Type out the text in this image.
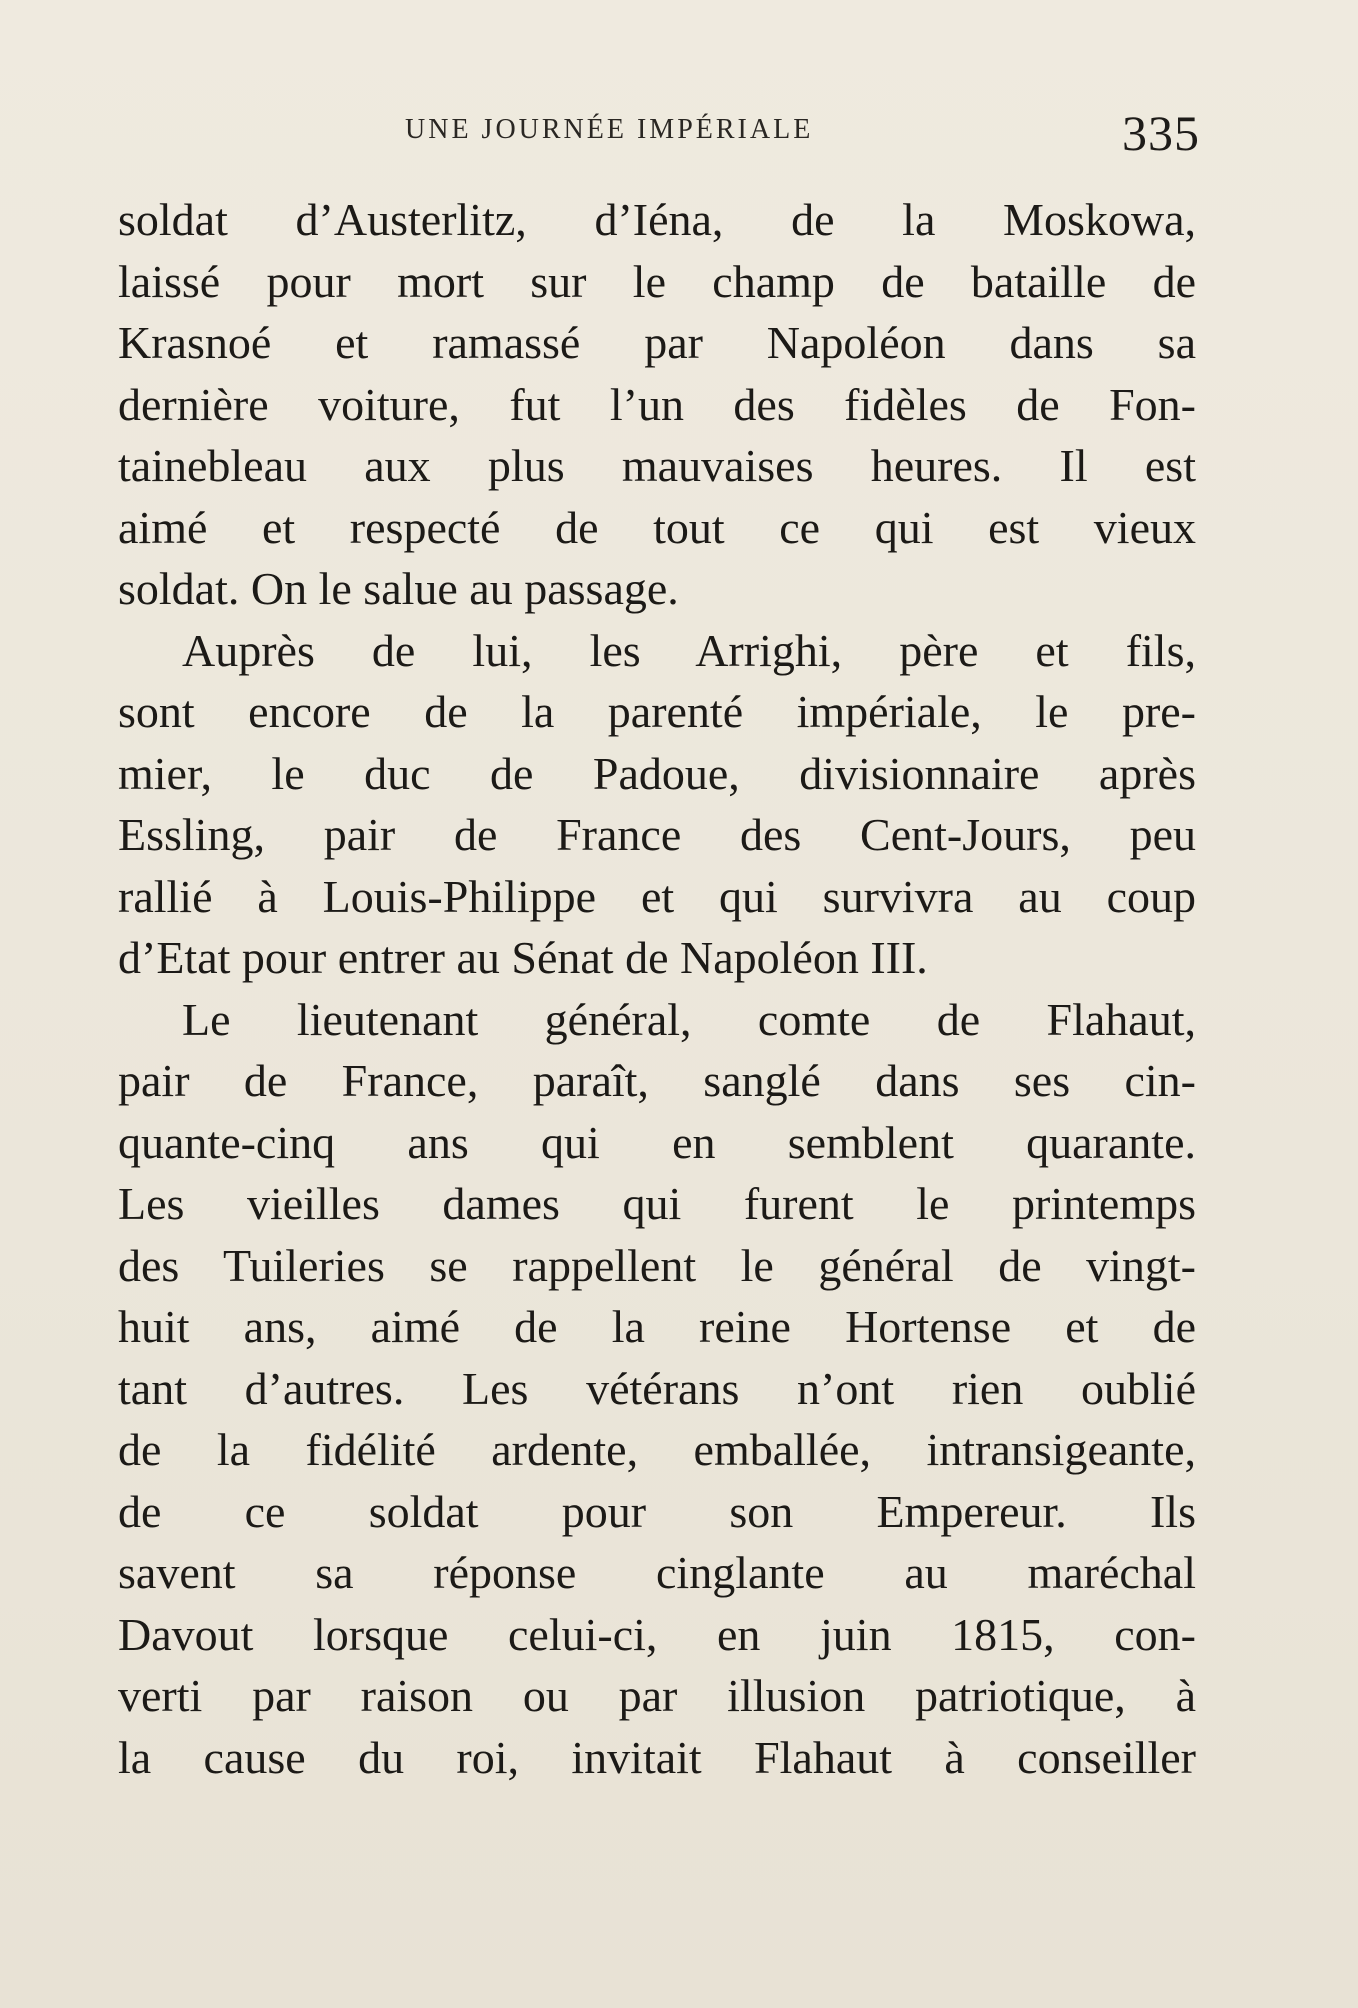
UNE JOURNÉE IMPÉRIALE	335
soldat d’Austerlitz, d’Iéna, de la Moskowa,
laissé pour mort sur le champ de bataille de
Krasnoé et ramassé par Napoléon dans sa
dernière voiture, fut l’un des fidèles de Fon-
tainebleau aux plus mauvaises heures. Il est
aimé et respecté de tout ce qui est vieux
soldat. On le salue au passage.
Auprès de lui, les Arrighi, père et fils,
sont encore de la parenté impériale, le pre-
mier, le duc de Padoue, divisionnaire après
Essling, pair de France des Cent-Jours, peu
rallié à Louis-Philippe et qui survivra au coup
d’Etat pour entrer au Sénat de Napoléon III.
Le lieutenant général, comte de Flahaut,
pair de France, paraît, sanglé dans ses cin-
quante-cinq ans qui en semblent quarante.
Les vieilles dames qui furent le printemps
des Tuileries se rappellent le général de vingt-
huit ans, aimé de la reine Hortense et de
tant d’autres. Les vétérans n’ont rien oublié
de la fidélité ardente, emballée, intransigeante,
de ce soldat pour son Empereur. Ils
savent sa réponse cinglante au maréchal
Davout lorsque celui-ci, en juin 1815, con-
verti par raison ou par illusion patriotique, à
la cause du roi, invitait Flahaut à conseiller
